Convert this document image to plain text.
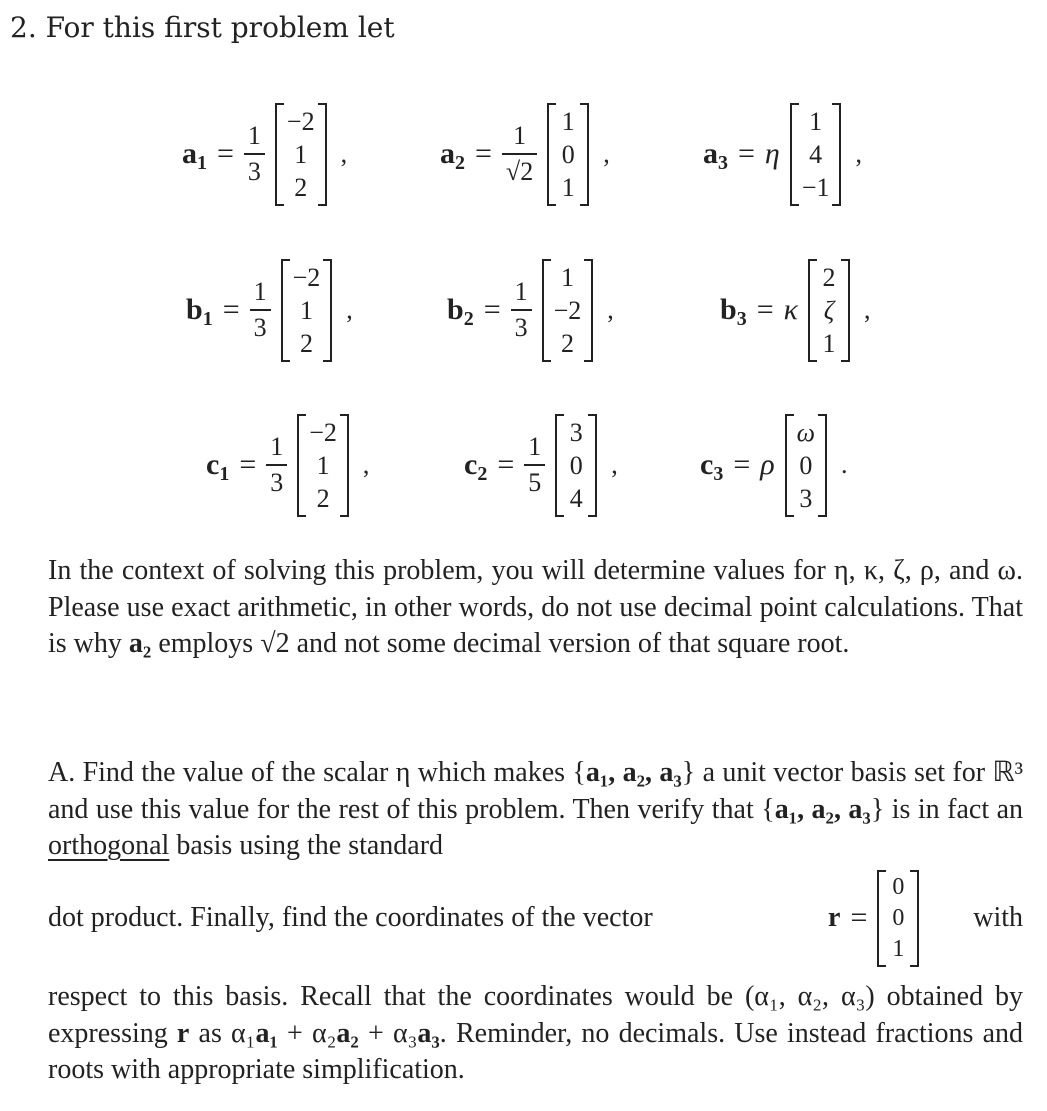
2. For this first problem let

a $1 = \frac{1}{3}$
−2
1
2
,	a $2 = \frac{1}{√2}$
1
0
1
,	a 3 = η
1
4
−1
,
b $1 = \frac{1}{3}$
−2
1
2
,	b $2 = \frac{1}{3}$
1
−2
2
,	b 3 = κ
2
ζ
1
,
c $1 = \frac{1}{3}$
−2
1
2
,	c $2 = \frac{1}{5}$
3
0
4
,	c 3 = ρ
ω
0
3
.

In the context of solving this problem, you will determine values for η, κ, ζ, ρ, and ω. Please use exact arithmetic, in other words, do not use decimal point calculations. That is why a₂ employs √2 and not some decimal version of that square root.

A. Find the value of the scalar η which makes {a₁, a₂, a₃} a unit vector basis set for ℝ³ and use this value for the rest of this problem. Then verify that {a₁, a₂, a₃} is in fact an orthogonal basis using the standard

dot product. Finally, find the coordinates of the vector	r =
0
0
1
with

respect to this basis. Recall that the coordinates would be (α₁, α₂, α₃) obtained by expressing r as α₁a₁ + α₂a₂ + α₃a₃. Reminder, no decimals. Use instead fractions and roots with appropriate simplification.
